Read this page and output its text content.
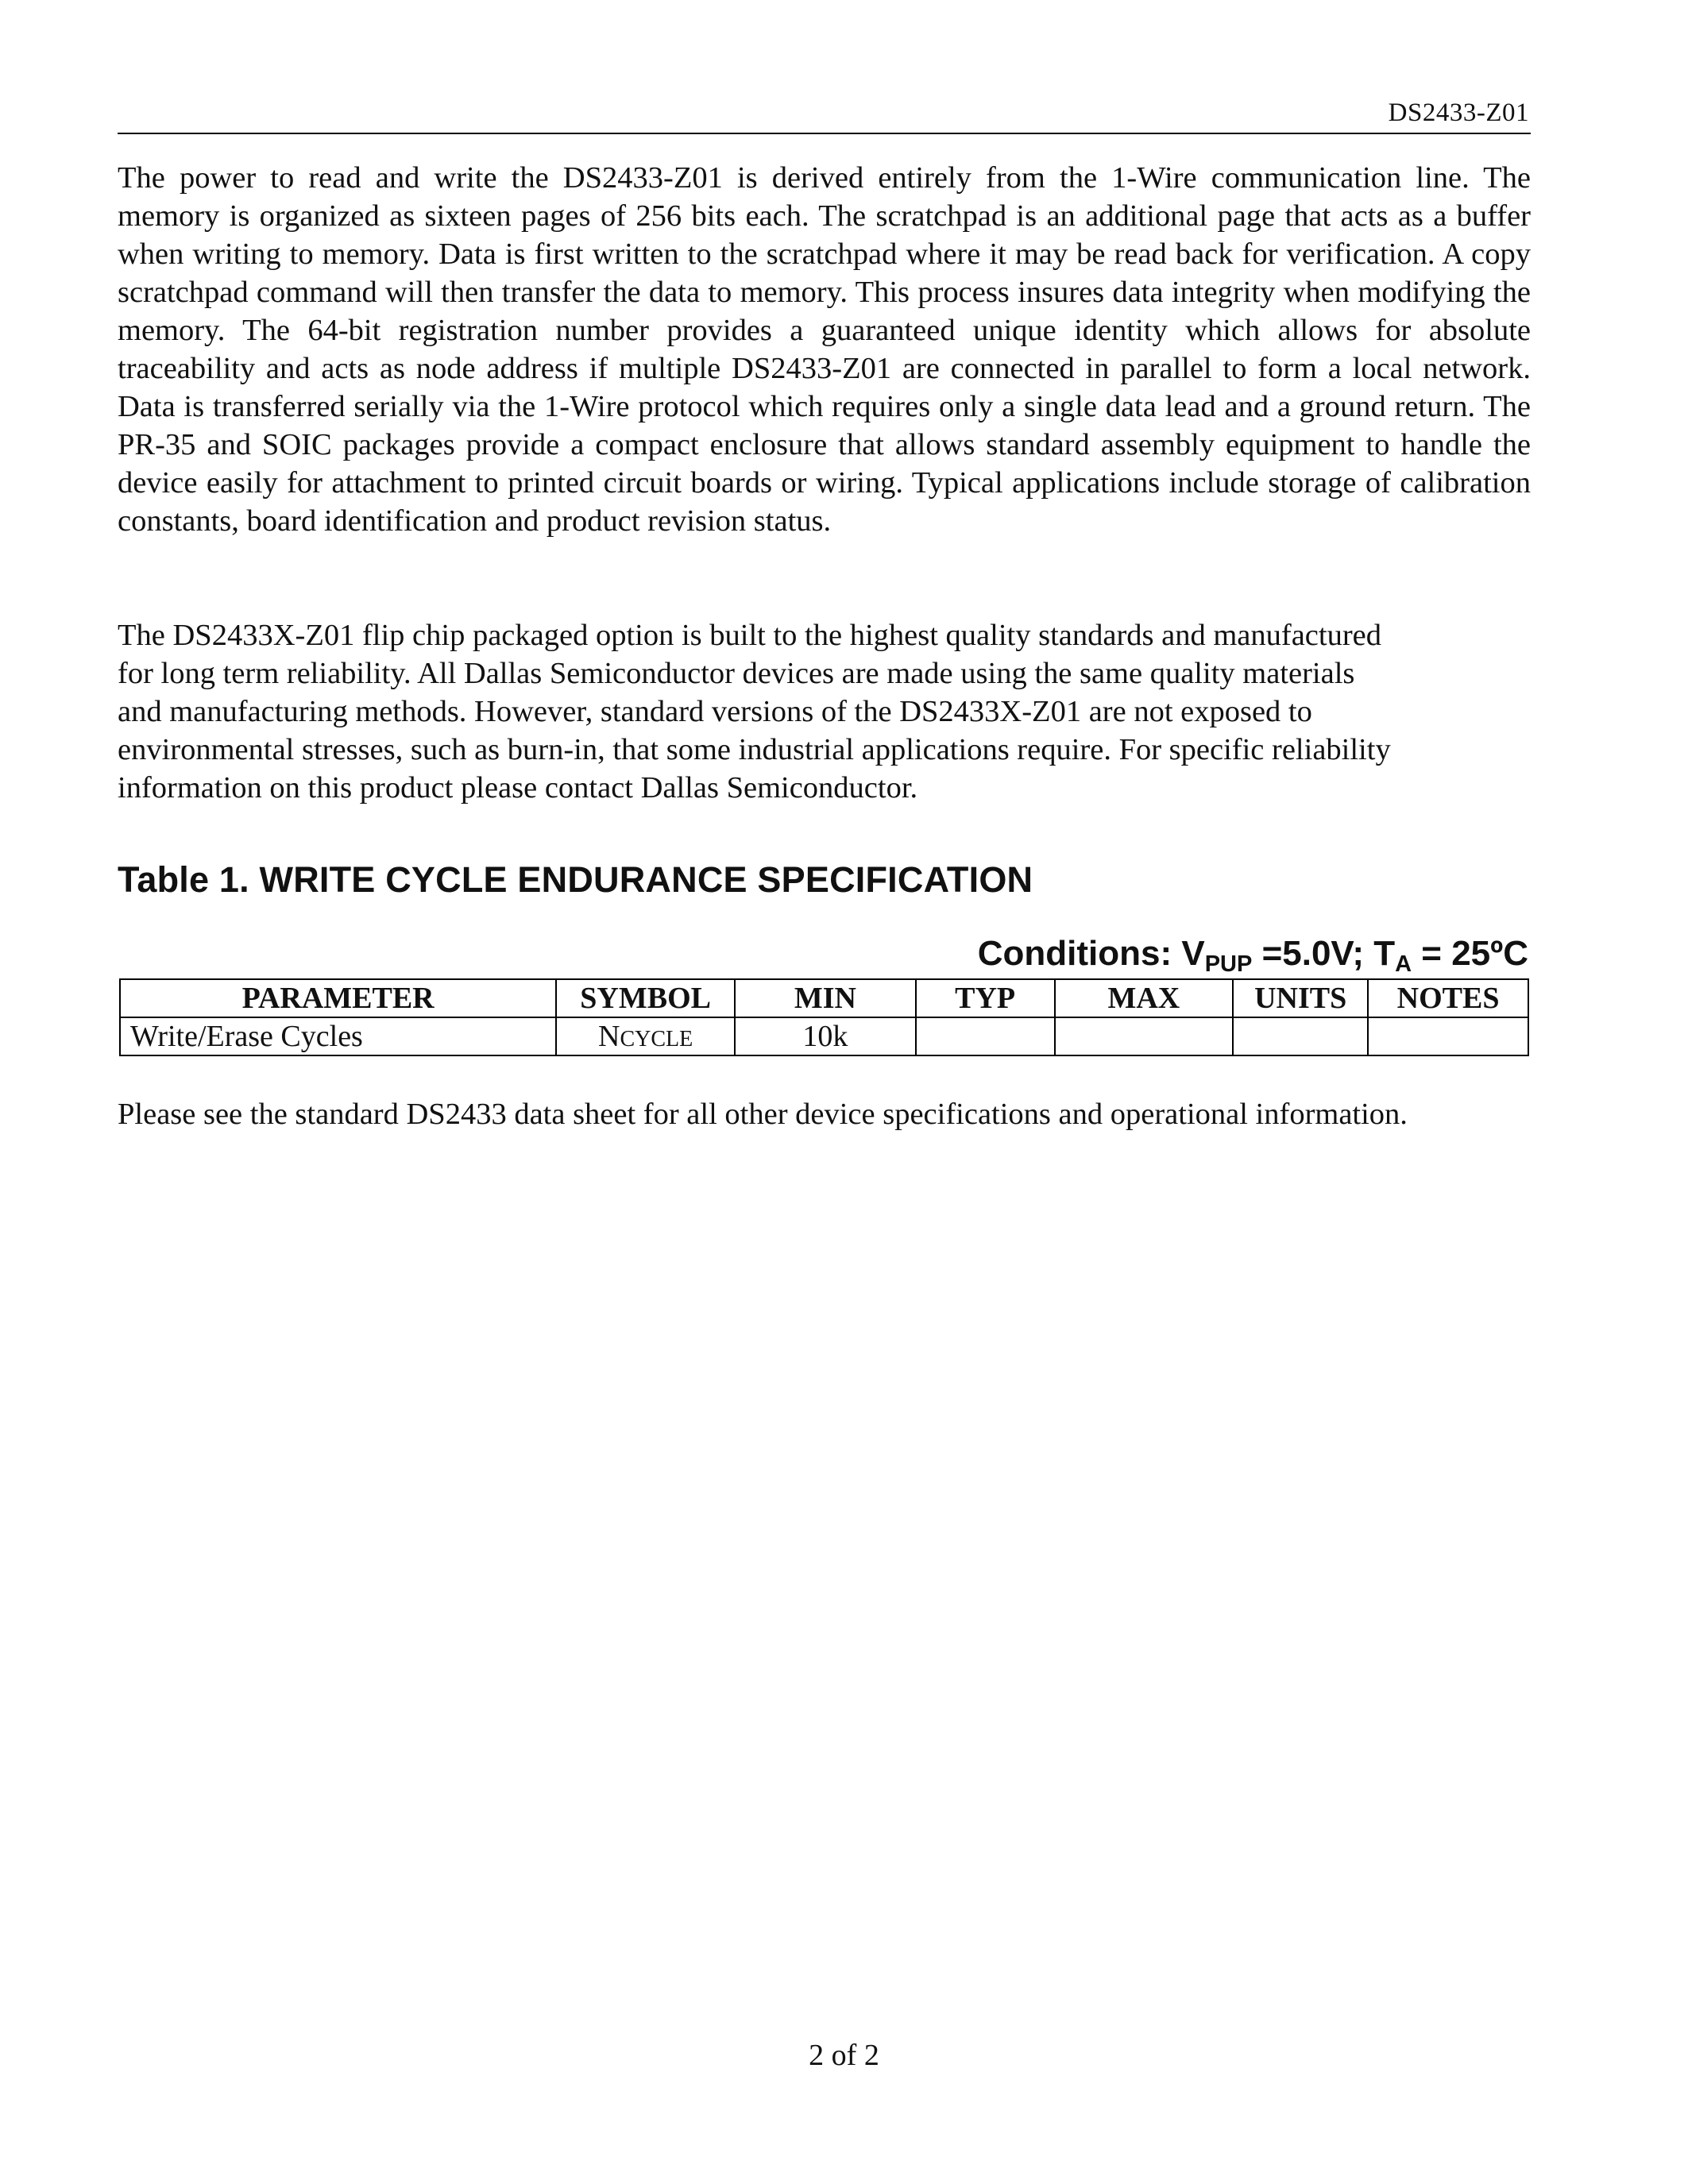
DS2433-Z01
The power to read and write the DS2433-Z01 is derived entirely from the 1-Wire communication line. The memory is organized as sixteen pages of 256 bits each. The scratchpad is an additional page that acts as a buffer when writing to memory. Data is first written to the scratchpad where it may be read back for verification. A copy scratchpad command will then transfer the data to memory. This process insures data integrity when modifying the memory. The 64-bit registration number provides a guaranteed unique identity which allows for absolute traceability and acts as node address if multiple DS2433-Z01 are connected in parallel to form a local network. Data is transferred serially via the 1-Wire protocol which requires only a single data lead and a ground return. The PR-35 and SOIC packages provide a compact enclosure that allows standard assembly equipment to handle the device easily for attachment to printed circuit boards or wiring. Typical applications include storage of calibration constants, board identification and product revision status.
The DS2433X-Z01 flip chip packaged option is built to the highest quality standards and manufactured
for long term reliability. All Dallas Semiconductor devices are made using the same quality materials
and manufacturing methods. However, standard versions of the DS2433X-Z01 are not exposed to
environmental stresses, such as burn-in, that some industrial applications require. For specific reliability
information on this product please contact Dallas Semiconductor.
Table 1. WRITE CYCLE ENDURANCE SPECIFICATION
Conditions: $V_{PUP} =5.0V$; $T_A$ = 25ºC
PARAMETER	SYMBOL	MIN	TYP	MAX	UNITS	NOTES
Write/Erase Cycles	NCYCLE	10k				
Please see the standard DS2433 data sheet for all other device specifications and operational information.
2 of 2
